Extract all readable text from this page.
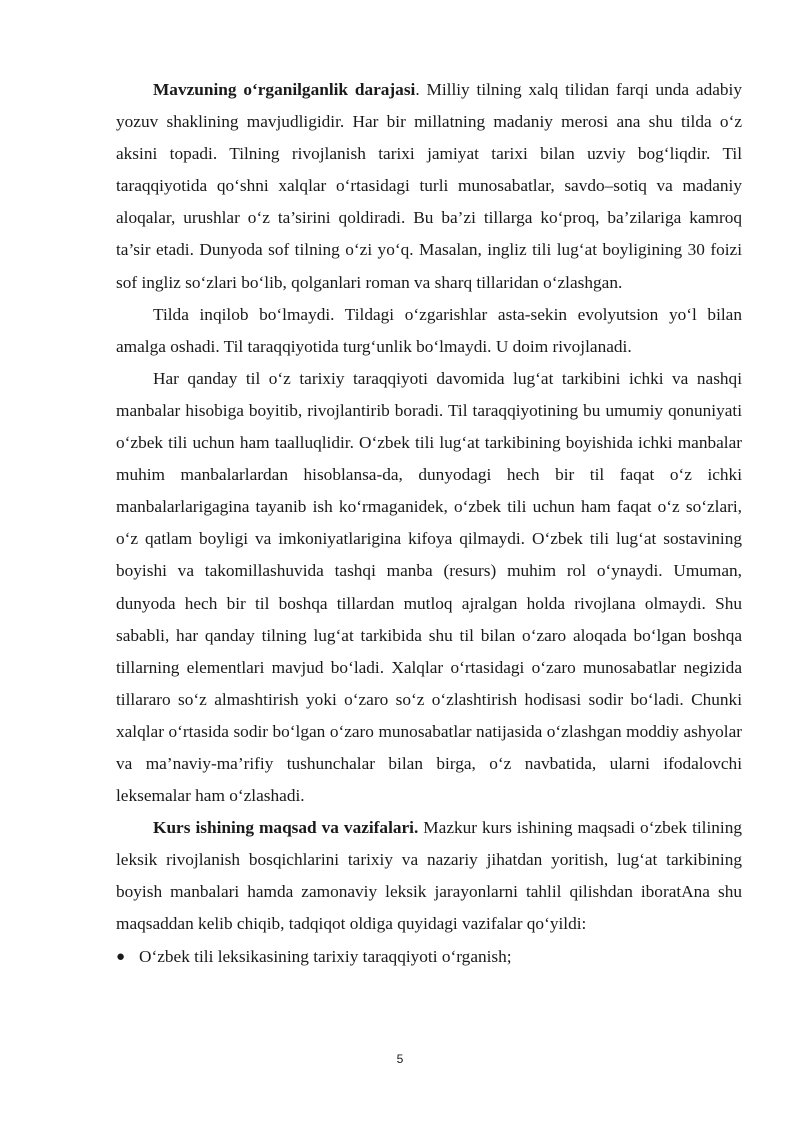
Mavzuning o‘rganilganlik darajasi. Milliy tilning xalq tilidan farqi unda adabiy yozuv shaklining mavjudligidir. Har bir millatning madaniy merosi ana shu tilda o‘z aksini topadi. Tilning rivojlanish tarixi jamiyat tarixi bilan uzviy bog‘liqdir. Til taraqqiyotida qo‘shni xalqlar o‘rtasidagi turli munosabatlar, savdo–sotiq va madaniy aloqalar, urushlar o‘z ta’sirini qoldiradi. Bu ba’zi tillarga ko‘proq, ba’zilariga kamroq ta’sir etadi. Dunyoda sof tilning o‘zi yo‘q. Masalan, ingliz tili lug‘at boyligining 30 foizi sof ingliz so‘zlari bo‘lib, qolganlari roman va sharq tillaridan o‘zlashgan.

Tilda inqilob bo‘lmaydi. Tildagi o‘zgarishlar asta-sekin evolyutsion yo‘l bilan amalga oshadi. Til taraqqiyotida turg‘unlik bo‘lmaydi. U doim rivojlanadi.

Har qanday til o‘z tarixiy taraqqiyoti davomida lug‘at tarkibini ichki va nashqi manbalar hisobiga boyitib, rivojlantirib boradi. Til taraqqiyotining bu umumiy qonuniyati o‘zbek tili uchun ham taalluqlidir. O‘zbek tili lug‘at tarkibining boyishida ichki manbalar muhim manbalarlardan hisoblansa-da, dunyodagi hech bir til faqat o‘z ichki manbalarlarigagina tayanib ish ko‘rmaganidek, o‘zbek tili uchun ham faqat o‘z so‘zlari, o‘z qatlam boyligi va imkoniyatlarigina kifoya qilmaydi. O‘zbek tili lug‘at sostavining boyishi va takomillashuvida tashqi manba (resurs) muhim rol o‘ynaydi. Umuman, dunyoda hech bir til boshqa tillardan mutloq ajralgan holda rivojlana olmaydi. Shu sababli, har qanday tilning lug‘at tarkibida shu til bilan o‘zaro aloqada bo‘lgan boshqa tillarning elementlari mavjud bo‘ladi. Xalqlar o‘rtasidagi o‘zaro munosabatlar negizida tillararo so‘z almashtirish yoki o‘zaro so‘z o‘zlashtirish hodisasi sodir bo‘ladi. Chunki xalqlar o‘rtasida sodir bo‘lgan o‘zaro munosabatlar natijasida o‘zlashgan moddiy ashyolar va ma’naviy-ma’rifiy tushunchalar bilan birga, o‘z navbatida, ularni ifodalovchi leksemalar ham o‘zlashadi.

Kurs ishining maqsad va vazifalari. Mazkur kurs ishining maqsadi o‘zbek tilining leksik rivojlanish bosqichlarini tarixiy va nazariy jihatdan yoritish, lug‘at tarkibining boyish manbalari hamda zamonaviy leksik jarayonlarni tahlil qilishdan iboratAna shu maqsaddan kelib chiqib, tadqiqot oldiga quyidagi vazifalar qo‘yildi:

● O‘zbek tili leksikasining tarixiy taraqqiyoti o‘rganish;
5
